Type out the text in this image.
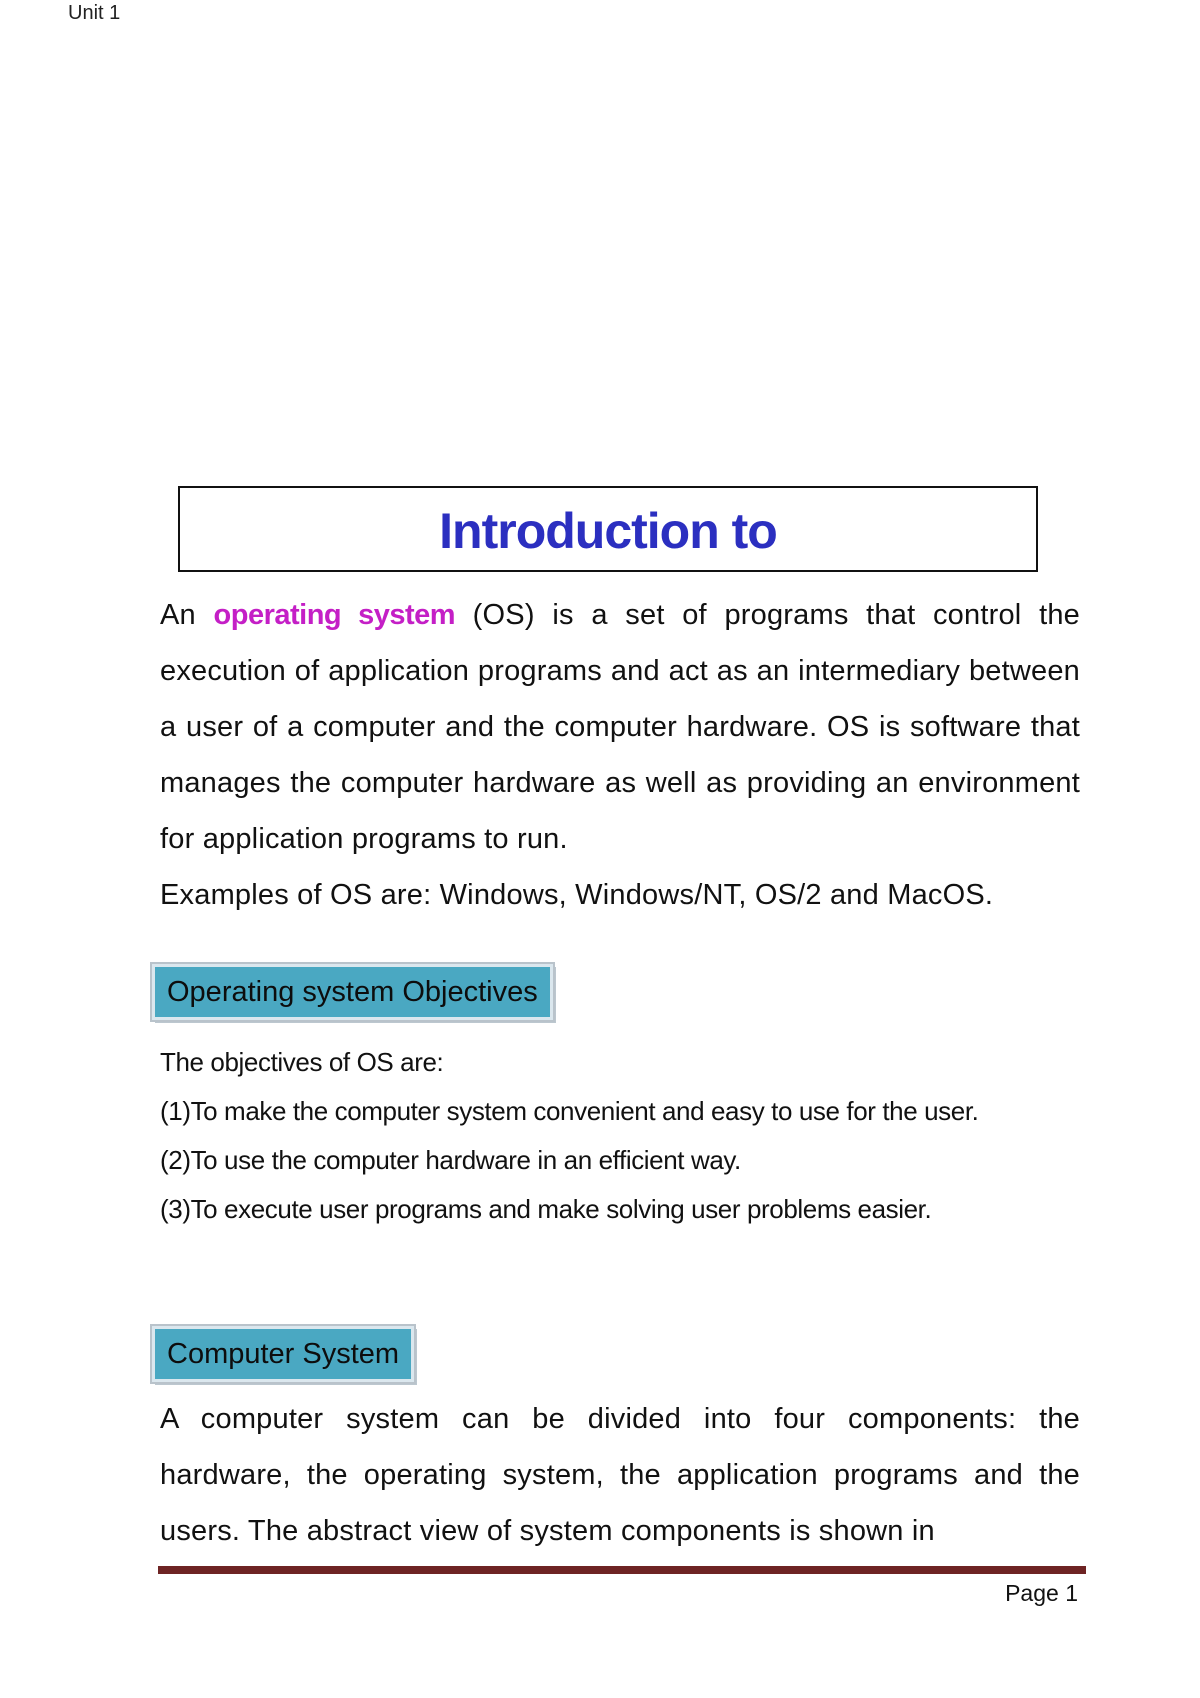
Unit 1
Introduction to
An operating system (OS) is a set of programs that control the execution of application programs and act as an intermediary between a user of a computer and the computer hardware. OS is software that manages the computer hardware as well as providing an environment for application programs to run.
Examples of OS are: Windows, Windows/NT, OS/2 and MacOS.
Operating system Objectives
The objectives of OS are:
(1)To make the computer system convenient and easy to use for the user.
(2)To use the computer hardware in an efficient way.
(3)To execute user programs and make solving user problems easier.
Computer System
A computer system can be divided into four components: the hardware, the operating system, the application programs and the users. The abstract view of system components is shown in
Page 1
